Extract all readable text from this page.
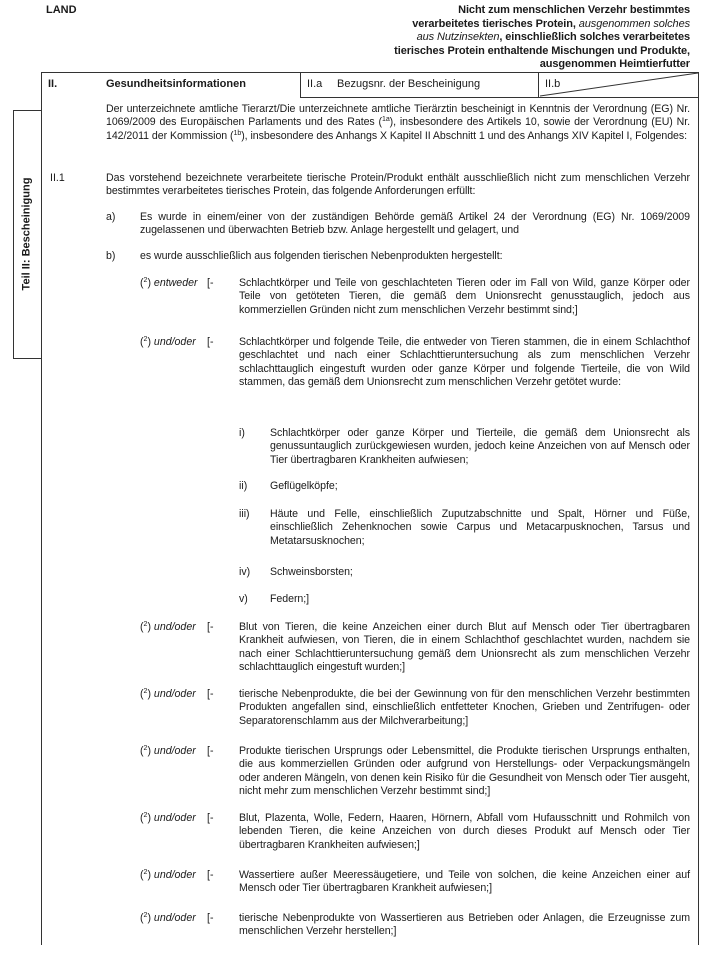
LAND	Nicht zum menschlichen Verzehr bestimmtes
verarbeitetes tierisches Protein, ausgenommen solches
aus Nutzinsekten, einschließlich solches verarbeitetes
tierisches Protein enthaltende Mischungen und Produkte,
ausgenommen Heimtierfutter
Teil II: Bescheinigung
II.	Gesundheitsinformationen	II.a Bezugsnr. der Bescheinigung	II.b
Der unterzeichnete amtliche Tierarzt/Die unterzeichnete amtliche Tierärztin bescheinigt in Kenntnis der Verordnung (EG) Nr. 1069/2009 des Europäischen Parlaments und des Rates ($^{1a}$), insbesondere des Artikels 10, sowie der Verordnung (EU) Nr. 142/2011 der Kommission ($^{1b}$), insbesondere des Anhangs X Kapitel II Abschnitt 1 und des Anhangs XIV Kapitel I, Folgendes:
II.1	Das vorstehend bezeichnete verarbeitete tierische Protein/Produkt enthält ausschließlich nicht zum menschlichen Verzehr bestimmtes verarbeitetes tierisches Protein, das folgende Anforderungen erfüllt:
a) Es wurde in einem/einer von der zuständigen Behörde gemäß Artikel 24 der Verordnung (EG) Nr. 1069/2009 zugelassenen und überwachten Betrieb bzw. Anlage hergestellt und gelagert, und
b) es wurde ausschließlich aus folgenden tierischen Nebenprodukten hergestellt:
($^2$) entweder [- Schlachtkörper und Teile von geschlachteten Tieren oder im Fall von Wild, ganze Körper oder Teile von getöteten Tieren, die gemäß dem Unionsrecht genusstauglich, jedoch aus kommerziellen Gründen nicht zum menschlichen Verzehr bestimmt sind;]
($^2$) und/oder [- Schlachtkörper und folgende Teile, die entweder von Tieren stammen, die in einem Schlachthof geschlachtet und nach einer Schlachttieruntersuchung als zum menschlichen Verzehr schlachttauglich eingestuft wurden oder ganze Körper und folgende Tierteile, die von Wild stammen, das gemäß dem Unionsrecht zum menschlichen Verzehr getötet wurde:
i) Schlachtkörper oder ganze Körper und Tierteile, die gemäß dem Unionsrecht als genussuntauglich zurückgewiesen wurden, jedoch keine Anzeichen von auf Mensch oder Tier übertragbaren Krankheiten aufwiesen;
ii) Geflügelköpfe;
iii) Häute und Felle, einschließlich Zuputzabschnitte und Spalt, Hörner und Füße, einschließlich Zehenknochen sowie Carpus und Metacarpusknochen, Tarsus und Metatarsusknochen;
iv) Schweinsborsten;
v) Federn;]
($^2$) und/oder [- Blut von Tieren, die keine Anzeichen einer durch Blut auf Mensch oder Tier übertragbaren Krankheit aufwiesen, von Tieren, die in einem Schlachthof geschlachtet wurden, nachdem sie nach einer Schlachttieruntersuchung gemäß dem Unionsrecht als zum menschlichen Verzehr schlachttauglich eingestuft wurden;]
($^2$) und/oder [- tierische Nebenprodukte, die bei der Gewinnung von für den menschlichen Verzehr bestimmten Produkten angefallen sind, einschließlich entfetteter Knochen, Grieben und Zentrifugen- oder Separatorenschlamm aus der Milchverarbeitung;]
($^2$) und/oder [- Produkte tierischen Ursprungs oder Lebensmittel, die Produkte tierischen Ursprungs enthalten, die aus kommerziellen Gründen oder aufgrund von Herstellungs- oder Verpackungsmängeln oder anderen Mängeln, von denen kein Risiko für die Gesundheit von Mensch oder Tier ausgeht, nicht mehr zum menschlichen Verzehr bestimmt sind;]
($^2$) und/oder [- Blut, Plazenta, Wolle, Federn, Haaren, Hörnern, Abfall vom Hufausschnitt und Rohmilch von lebenden Tieren, die keine Anzeichen von durch dieses Produkt auf Mensch oder Tier übertragbaren Krankheiten aufwiesen;]
($^2$) und/oder [- Wassertiere außer Meeressäugetiere, und Teile von solchen, die keine Anzeichen einer auf Mensch oder Tier übertragbaren Krankheit aufwiesen;]
($^2$) und/oder [- tierische Nebenprodukte von Wassertieren aus Betrieben oder Anlagen, die Erzeugnisse zum menschlichen Verzehr herstellen;]
